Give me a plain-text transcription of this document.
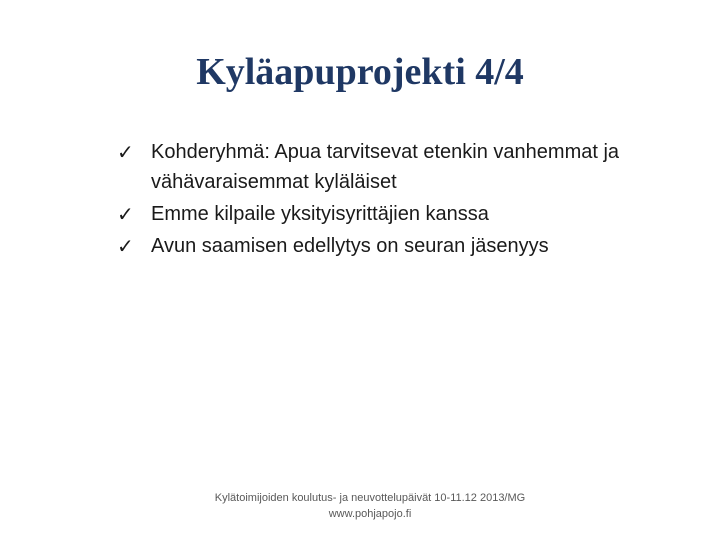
Kyläapuprojekti 4/4
✓ Kohderyhmä: Apua tarvitsevat etenkin vanhemmat ja vähävaraisemmat kyläläiset
✓ Emme kilpaile yksityisyrittäjien kanssa
✓ Avun saamisen edellytys on seuran jäsenyys
Kylätoimijoiden koulutus- ja neuvottelupäivät 10-11.12 2013/MG
www.pohjapojo.fi
